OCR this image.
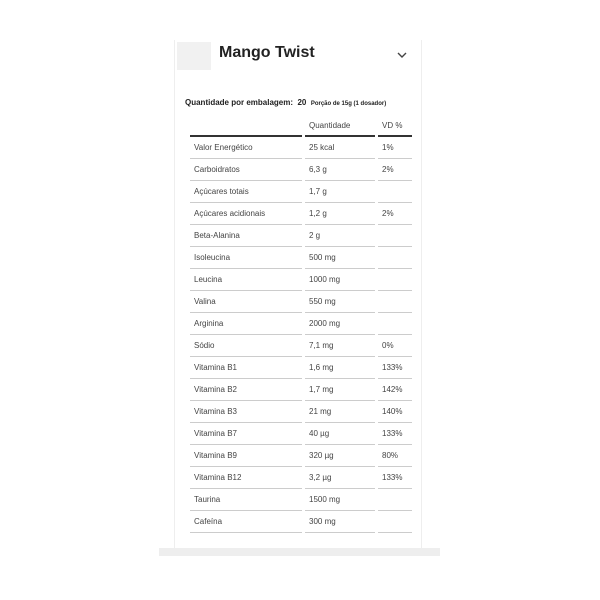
Mango Twist
Quantidade por embalagem: 20 Porção de 15g (1 dosador)
	Quantidade	VD %
Valor Energético	25 kcal	1%
Carboidratos	6,3 g	2%
Açúcares totais	1,7 g	
Açúcares acidionais	1,2 g	2%
Beta-Alanina	2 g	
Isoleucina	500 mg	
Leucina	1000 mg	
Valina	550 mg	
Arginina	2000 mg	
Sódio	7,1 mg	0%
Vitamina B1	1,6 mg	133%
Vitamina B2	1,7 mg	142%
Vitamina B3	21 mg	140%
Vitamina B7	40 µg	133%
Vitamina B9	320 µg	80%
Vitamina B12	3,2 µg	133%
Taurina	1500 mg	
Cafeína	300 mg	
